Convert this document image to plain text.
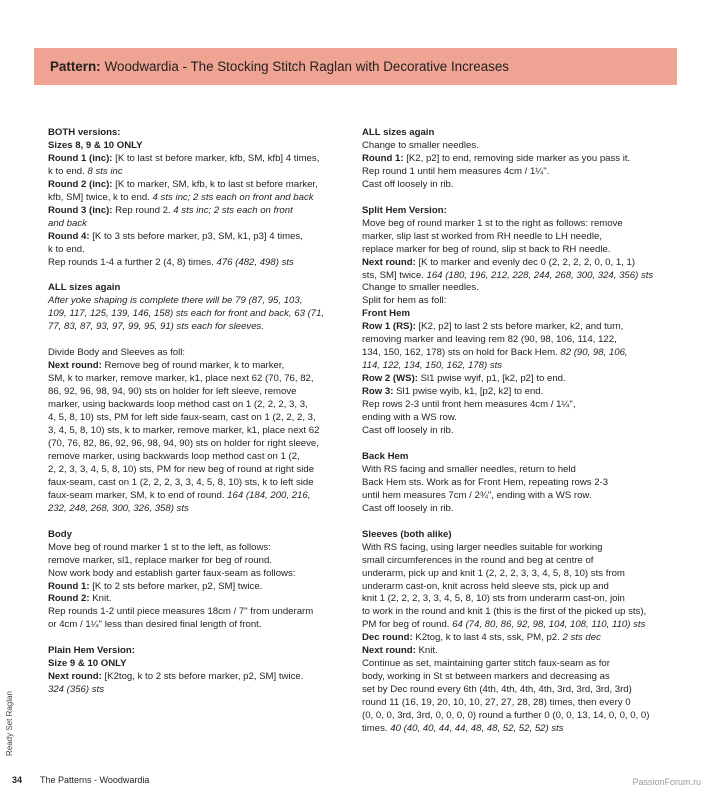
Pattern: Woodwardia - The Stocking Stitch Raglan with Decorative Increases
BOTH versions:
Sizes 8, 9 & 10 ONLY
Round 1 (inc): [K to last st before marker, kfb, SM, kfb] 4 times,
k to end. 8 sts inc
Round 2 (inc): [K to marker, SM, kfb, k to last st before marker,
kfb, SM] twice, k to end. 4 sts inc; 2 sts each on front and back
Round 3 (inc): Rep round 2. 4 sts inc; 2 sts each on front
and back
Round 4: [K to 3 sts before marker, p3, SM, k1, p3] 4 times,
k to end.
Rep rounds 1-4 a further 2 (4, 8) times. 476 (482, 498) sts
ALL sizes again
After yoke shaping is complete there will be 79 (87, 95, 103,
109, 117, 125, 139, 146, 158) sts each for front and back, 63 (71,
77, 83, 87, 93, 97, 99, 95, 91) sts each for sleeves.
Divide Body and Sleeves as foll:
Next round: Remove beg of round marker, k to marker,
SM, k to marker, remove marker, k1, place next 62 (70, 76, 82,
86, 92, 96, 98, 94, 90) sts on holder for left sleeve, remove
marker, using backwards loop method cast on 1 (2, 2, 2, 3, 3,
4, 5, 8, 10) sts, PM for left side faux-seam, cast on 1 (2, 2, 2, 3,
3, 4, 5, 8, 10) sts, k to marker, remove marker, k1, place next 62
(70, 76, 82, 86, 92, 96, 98, 94, 90) sts on holder for right sleeve,
remove marker, using backwards loop method cast on 1 (2,
2, 2, 3, 3, 4, 5, 8, 10) sts, PM for new beg of round at right side
faux-seam, cast on 1 (2, 2, 2, 3, 3, 4, 5, 8, 10) sts, k to left side
faux-seam marker, SM, k to end of round. 164 (184, 200, 216,
232, 248, 268, 300, 326, 358) sts
Body
Move beg of round marker 1 st to the left, as follows:
remove marker, sl1, replace marker for beg of round.
Now work body and establish garter faux-seam as follows:
Round 1: [K to 2 sts before marker, p2, SM] twice.
Round 2: Knit.
Rep rounds 1-2 until piece measures 18cm / 7" from underarm
or 4cm / 1¼" less than desired final length of front.
Plain Hem Version:
Size 9 & 10 ONLY
Next round: [K2tog, k to 2 sts before marker, p2, SM] twice.
324 (356) sts
ALL sizes again
Change to smaller needles.
Round 1: [K2, p2] to end, removing side marker as you pass it.
Rep round 1 until hem measures 4cm / 1¼".
Cast off loosely in rib.
Split Hem Version:
Move beg of round marker 1 st to the right as follows: remove
marker, slip last st worked from RH needle to LH needle,
replace marker for beg of round, slip st back to RH needle.
Next round: [K to marker and evenly dec 0 (2, 2, 2, 2, 0, 0, 1, 1)
sts, SM] twice. 164 (180, 196, 212, 228, 244, 268, 300, 324, 356) sts
Change to smaller needles.
Split for hem as foll:
Front Hem
Row 1 (RS): [K2, p2] to last 2 sts before marker, k2, and turn,
removing marker and leaving rem 82 (90, 98, 106, 114, 122,
134, 150, 162, 178) sts on hold for Back Hem. 82 (90, 98, 106,
114, 122, 134, 150, 162, 178) sts
Row 2 (WS): Sl1 pwise wyif, p1, [k2, p2] to end.
Row 3: Sl1 pwise wyib, k1, [p2, k2] to end.
Rep rows 2-3 until front hem measures 4cm / 1¼",
ending with a WS row.
Cast off loosely in rib.
Back Hem
With RS facing and smaller needles, return to held
Back Hem sts. Work as for Front Hem, repeating rows 2-3
until hem measures 7cm / 2¾", ending with a WS row.
Cast off loosely in rib.
Sleeves (both alike)
With RS facing, using larger needles suitable for working
small circumferences in the round and beg at centre of
underarm, pick up and knit 1 (2, 2, 2, 3, 3, 4, 5, 8, 10) sts from
underarm cast-on, knit across held sleeve sts, pick up and
knit 1 (2, 2, 2, 3, 3, 4, 5, 8, 10) sts from underarm cast-on, join
to work in the round and knit 1 (this is the first of the picked up sts),
PM for beg of round. 64 (74, 80, 86, 92, 98, 104, 108, 110, 110) sts
Dec round: K2tog, k to last 4 sts, ssk, PM, p2. 2 sts dec
Next round: Knit.
Continue as set, maintaining garter stitch faux-seam as for
body, working in St st between markers and decreasing as
set by Dec round every 6th (4th, 4th, 4th, 4th, 3rd, 3rd, 3rd, 3rd)
round 11 (16, 19, 20, 10, 10, 27, 27, 28, 28) times, then every 0
(0, 0, 0, 3rd, 3rd, 0, 0, 0, 0) round a further 0 (0, 0, 13, 14, 0, 0, 0, 0)
times. 40 (40, 40, 44, 44, 48, 48, 52, 52, 52) sts
Ready Set Raglan
34 The Patterns - Woodwardia	PassionForum.ru
